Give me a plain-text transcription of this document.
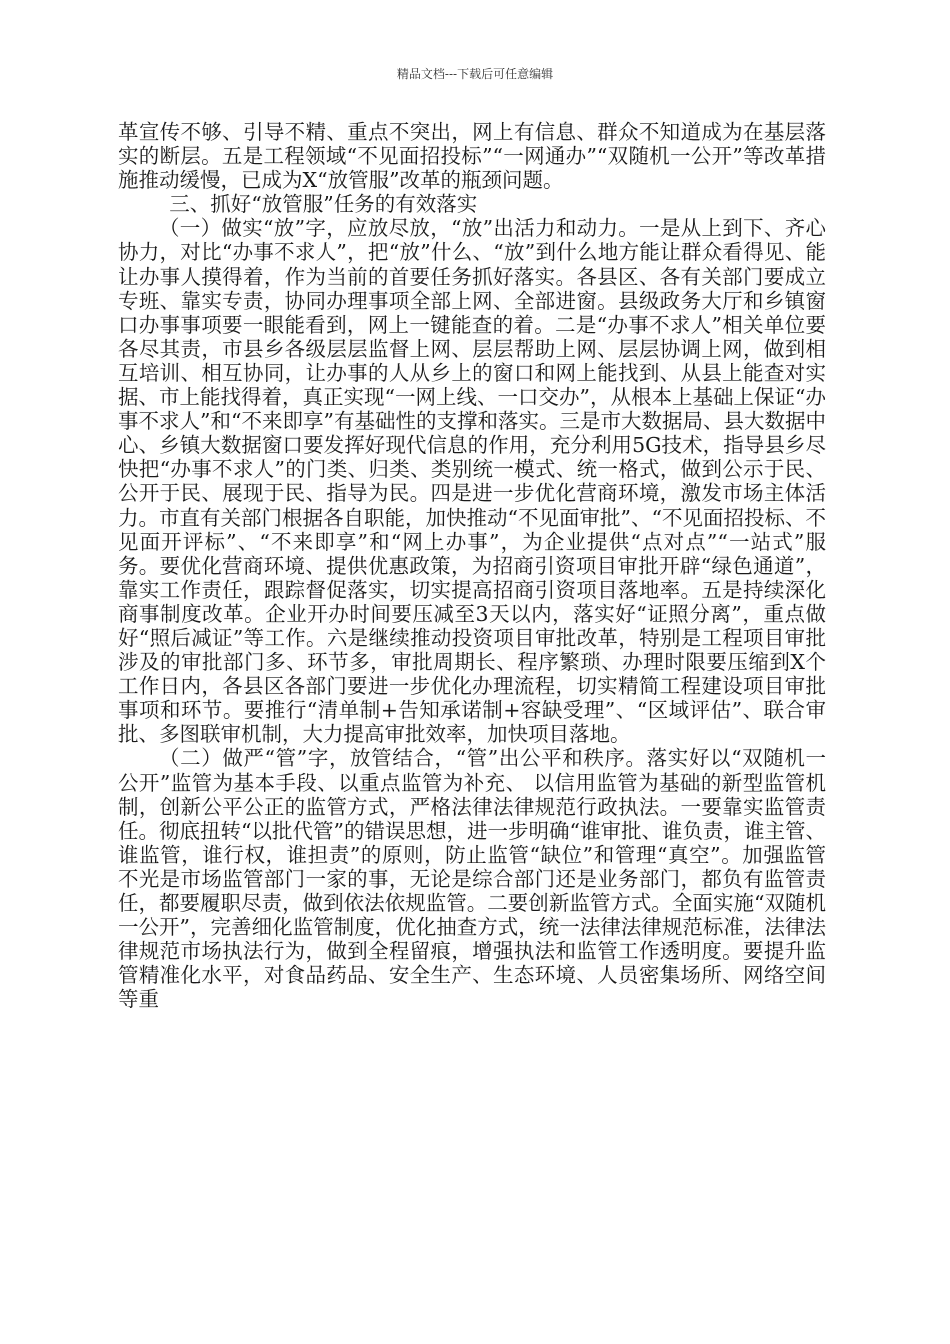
精品文档---下载后可任意编辑

革宣传不够、引导不精、重点不突出，网上有信息、群众不知道成为在基层落实的断层。五是工程领域“不见面招投标”“一网通办”“双随机一公开”等改革措施推动缓慢，已成为X“放管服”改革的瓶颈问题。

三、抓好“放管服”任务的有效落实

（一）做实“放”字，应放尽放，“放”出活力和动力。一是从上到下、齐心协力，对比“办事不求人”，把“放”什么、“放”到什么地方能让群众看得见、能让办事人摸得着，作为当前的首要任务抓好落实。各县区、各有关部门要成立专班、靠实专责，协同办理事项全部上网、全部进窗。县级政务大厅和乡镇窗口办事事项要一眼能看到，网上一键能查的着。二是“办事不求人”相关单位要各尽其责，市县乡各级层层监督上网、层层帮助上网、层层协调上网，做到相互培训、相互协同，让办事的人从乡上的窗口和网上能找到、从县上能查对实据、市上能找得着，真正实现“一网上线、一口交办”，从根本上基础上保证“办事不求人”和“不来即享”有基础性的支撑和落实。三是市大数据局、县大数据中心、乡镇大数据窗口要发挥好现代信息的作用，充分利用5G技术，指导县乡尽快把“办事不求人”的门类、归类、类别统一模式、统一格式，做到公示于民、公开于民、展现于民、指导为民。四是进一步优化营商环境，激发市场主体活力。市直有关部门根据各自职能，加快推动“不见面审批”、“不见面招投标、不见面开评标”、“不来即享”和“网上办事”，为企业提供“点对点”“一站式”服务。要优化营商环境、提供优惠政策，为招商引资项目审批开辟“绿色通道”，靠实工作责任，跟踪督促落实，切实提高招商引资项目落地率。五是持续深化商事制度改革。企业开办时间要压减至3天以内，落实好“证照分离”，重点做好“照后减证”等工作。六是继续推动投资项目审批改革，特别是工程项目审批涉及的审批部门多、环节多，审批周期长、程序繁琐、办理时限要压缩到X个工作日内，各县区各部门要进一步优化办理流程，切实精简工程建设项目审批事项和环节。要推行“清单制+告知承诺制+容缺受理”、“区域评估”、联合审批、多图联审机制，大力提高审批效率，加快项目落地。

（二）做严“管”字，放管结合，“管”出公平和秩序。落实好以“双随机一公开”监管为基本手段、以重点监管为补充、 以信用监管为基础的新型监管机制，创新公平公正的监管方式，严格法律法律规范行政执法。一要靠实监管责任。彻底扭转“以批代管”的错误思想，进一步明确“谁审批、谁负责，谁主管、谁监管，谁行权，谁担责”的原则，防止监管“缺位”和管理“真空”。加强监管不光是市场监管部门一家的事，无论是综合部门还是业务部门，都负有监管责任，都要履职尽责，做到依法依规监管。二要创新监管方式。全面实施“双随机一公开”，完善细化监管制度，优化抽查方式，统一法律法律规范标准，法律法律规范市场执法行为，做到全程留痕，增强执法和监管工作透明度。要提升监管精准化水平，对食品药品、安全生产、生态环境、人员密集场所、网络空间等重
